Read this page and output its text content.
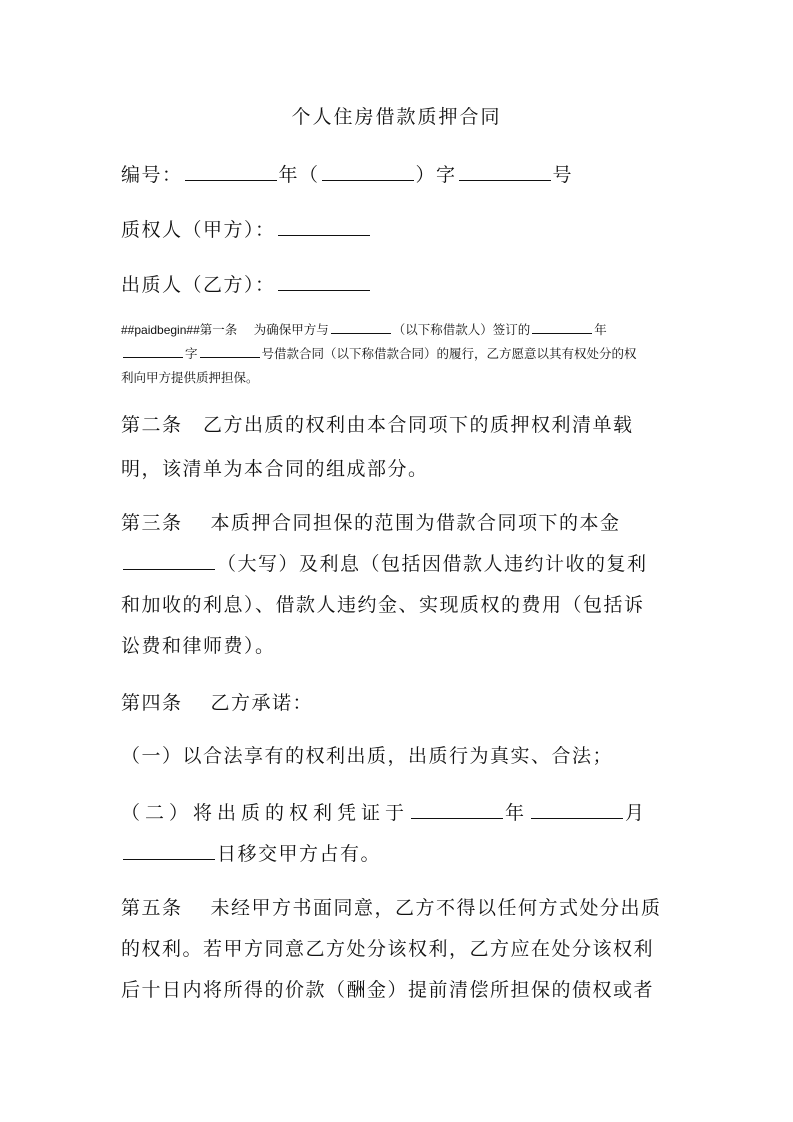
个人住房借款质押合同
编号：	年（	）字	号
质权人（甲方）：
出质人（乙方）：
##paidbegin##第一条　 为确保甲方与	（以下称借款人）签订的	年
字	号借款合同（以下称借款合同）的履行，乙方愿意以其有权处分的权
利向甲方提供质押担保。
第二条　乙方出质的权利由本合同项下的质押权利清单载
明，该清单为本合同的组成部分。
第三条　 本质押合同担保的范围为借款合同项下的本金
（大写）及利息（包括因借款人违约计收的复利
和加收的利息）、借款人违约金、实现质权的费用（包括诉
讼费和律师费）。
第四条　 乙方承诺：
（一）以合法享有的权利出质，出质行为真实、合法；
（二）将出质的权利凭证于	年	月
日移交甲方占有。
第五条　 未经甲方书面同意，乙方不得以任何方式处分出质
的权利。若甲方同意乙方处分该权利，乙方应在处分该权利
后十日内将所得的价款（酬金）提前清偿所担保的债权或者
